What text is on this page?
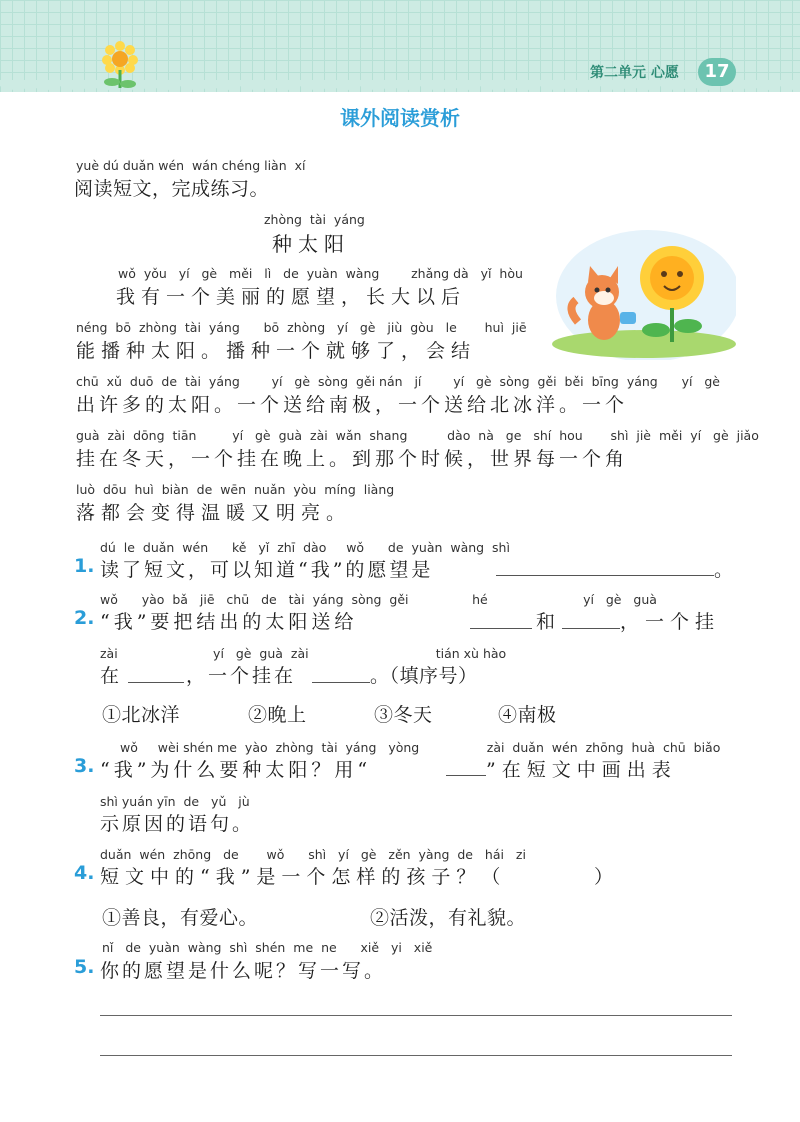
第二单元 心愿	17
课外阅读赏析
yuè dú duǎn wén  wán chéng liàn  xí
阅读短文，完成练习。
zhòng  tài  yáng
种太阳
wǒ  yǒu   yí   gè   měi   lì   de  yuàn  wàng        zhǎng dà   yǐ  hòu
我有一个美丽的愿望，长大以后
néng  bō  zhòng  tài  yáng      bō  zhòng   yí   gè   jiù  gòu   le       huì  jiē
能播种太阳。播种一个就够了，会结
chū  xǔ  duō  de  tài  yáng        yí   gè  sòng  gěi nán   jí        yí   gè  sòng  gěi  běi  bīng  yáng      yí   gè
出许多的太阳。一个送给南极，一个送给北冰洋。一个
guà  zài  dōng  tiān         yí   gè  guà  zài  wǎn  shang          dào  nà   ge   shí  hou       shì  jiè  měi  yí   gè  jiǎo
挂在冬天，一个挂在晚上。到那个时候，世界每一个角
luò  dōu  huì  biàn  de  wēn  nuǎn  yòu  míng  liàng
落都会变得温暖又明亮。
dú  le  duǎn  wén      kě   yǐ  zhī  dào     wǒ      de  yuàn  wàng  shì
1. 读了短文，可以知道“我”的愿望是	。
wǒ      yào  bǎ   jiē   chū   de   tài  yáng  sòng  gěi                hé                        yí   gè   guà
2. “我”要把结出的太阳送给	和	，一个挂
zài                        yí   gè  guà  zài                                tián xù hào
在	，一个挂在	。（填序号）
①北冰洋	②晚上	③冬天	④南极
wǒ     wèi shén me  yào  zhòng  tài  yáng   yòng                 zài  duǎn  wén  zhōng  huà  chū  biǎo
3. “我”为什么要种太阳？用“	”在短文中画出表
shì yuán yīn  de   yǔ   jù
示原因的语句。
duǎn  wén  zhōng   de       wǒ      shì   yí   gè   zěn  yàng  de   hái   zi
4. 短文中的“我”是一个怎样的孩子？（	）
①善良，有爱心。	②活泼，有礼貌。
nǐ   de  yuàn  wàng  shì  shén  me  ne      xiě   yi   xiě
5. 你的愿望是什么呢？写一写。
